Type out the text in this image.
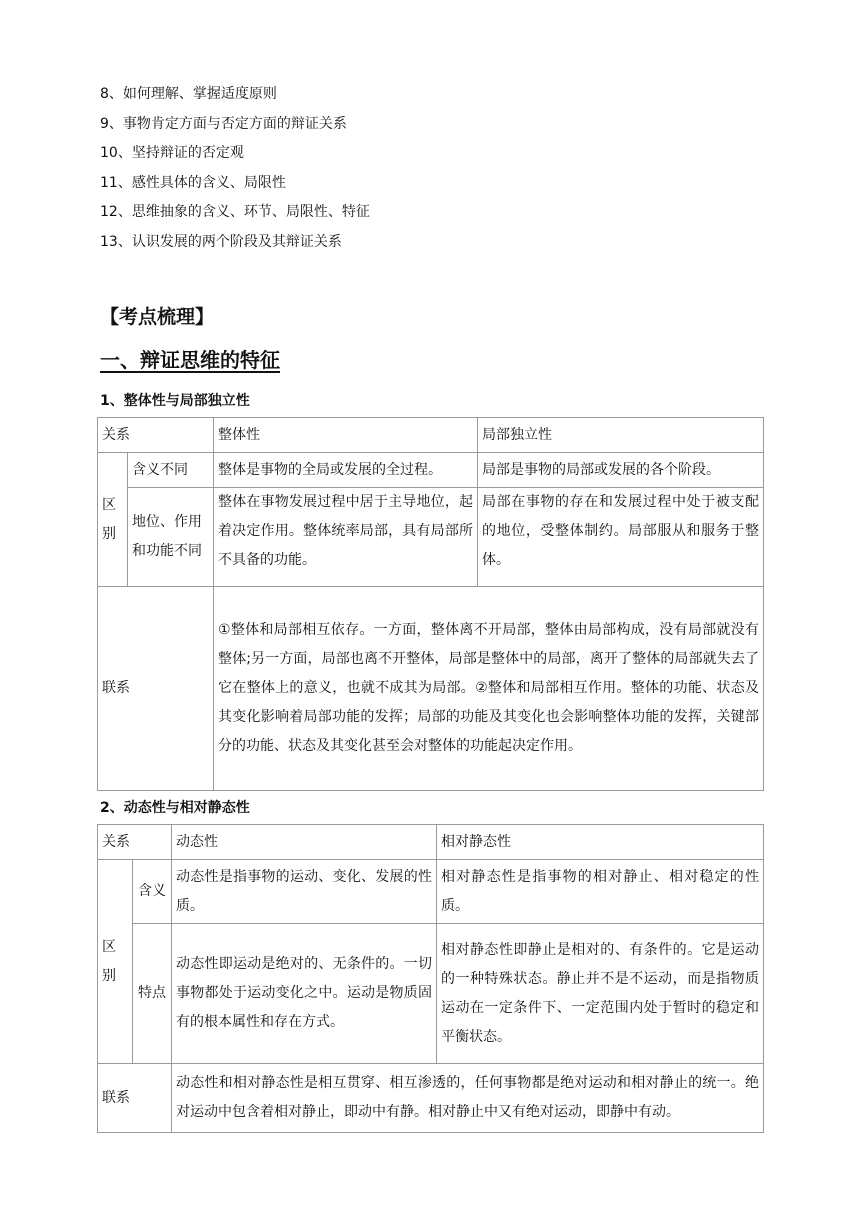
8、如何理解、掌握适度原则
9、事物肯定方面与否定方面的辩证关系
10、坚持辩证的否定观
11、感性具体的含义、局限性
12、思维抽象的含义、环节、局限性、特征
13、认识发展的两个阶段及其辩证关系
【考点梳理】
一、辩证思维的特征
1、整体性与局部独立性
关系		整体性	局部独立性
区别	含义不同	整体是事物的全局或发展的全过程。	局部是事物的局部或发展的各个阶段。
	地位、作用和功能不同	整体在事物发展过程中居于主导地位，起着决定作用。整体统率局部，具有局部所不具备的功能。	局部在事物的存在和发展过程中处于被支配的地位，受整体制约。局部服从和服务于整体。
联系		①整体和局部相互依存。一方面，整体离不开局部，整体由局部构成，没有局部就没有整体;另一方面，局部也离不开整体，局部是整体中的局部，离开了整体的局部就失去了它在整体上的意义，也就不成其为局部。②整体和局部相互作用。整体的功能、状态及其变化影响着局部功能的发挥；局部的功能及其变化也会影响整体功能的发挥，关键部分的功能、状态及其变化甚至会对整体的功能起决定作用。	
2、动态性与相对静态性
关系		动态性	相对静态性
区别	含义	动态性是指事物的运动、变化、发展的性质。	相对静态性是指事物的相对静止、相对稳定的性质。
	特点	动态性即运动是绝对的、无条件的。一切事物都处于运动变化之中。运动是物质固有的根本属性和存在方式。	相对静态性即静止是相对的、有条件的。它是运动的一种特殊状态。静止并不是不运动，而是指物质运动在一定条件下、一定范围内处于暂时的稳定和平衡状态。
联系		动态性和相对静态性是相互贯穿、相互渗透的，任何事物都是绝对运动和相对静止的统一。绝对运动中包含着相对静止，即动中有静。相对静止中又有绝对运动，即静中有动。	
